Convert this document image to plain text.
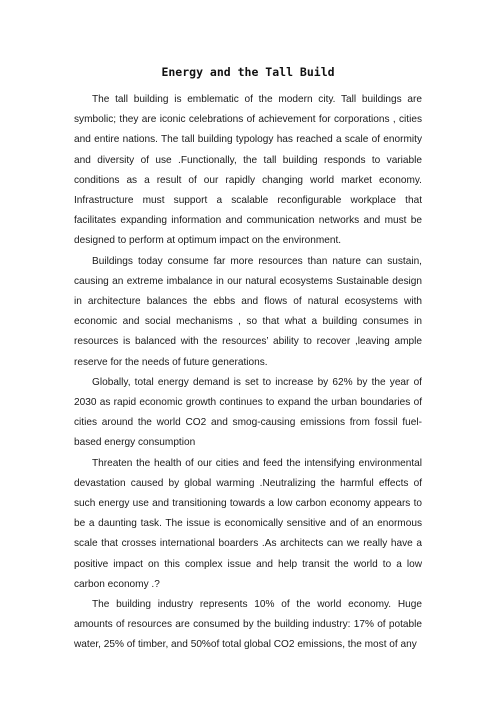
Energy and the Tall Build

The tall building is emblematic of the modern city. Tall buildings are symbolic; they are iconic celebrations of achievement for corporations , cities and entire nations. The tall building typology has reached a scale of enormity and diversity of use .Functionally, the tall building responds to variable conditions as a result of our rapidly changing world market economy. Infrastructure must support a scalable reconfigurable workplace that facilitates expanding information and communication networks and must be designed to perform at optimum impact on the environment.

Buildings today consume far more resources than nature can sustain, causing an extreme imbalance in our natural ecosystems Sustainable design in architecture balances the ebbs and flows of natural ecosystems with economic and social mechanisms , so that what a building consumes in resources is balanced with the resources’ ability to recover ,leaving ample reserve for the needs of future generations.

Globally, total energy demand is set to increase by 62% by the year of 2030 as rapid economic growth continues to expand the urban boundaries of cities around the world CO2 and smog-causing emissions from fossil fuel-based energy consumption

Threaten the health of our cities and feed the intensifying environmental devastation caused by global warming .Neutralizing the harmful effects of such energy use and transitioning towards a low carbon economy appears to be a daunting task. The issue is economically sensitive and of an enormous scale that crosses international boarders .As architects can we really have a positive impact on this complex issue and help transit the world to a low carbon economy .?

The building industry represents 10% of the world economy. Huge amounts of resources are consumed by the building industry: 17% of potable water, 25% of timber, and 50%of total global CO2 emissions, the most of any
